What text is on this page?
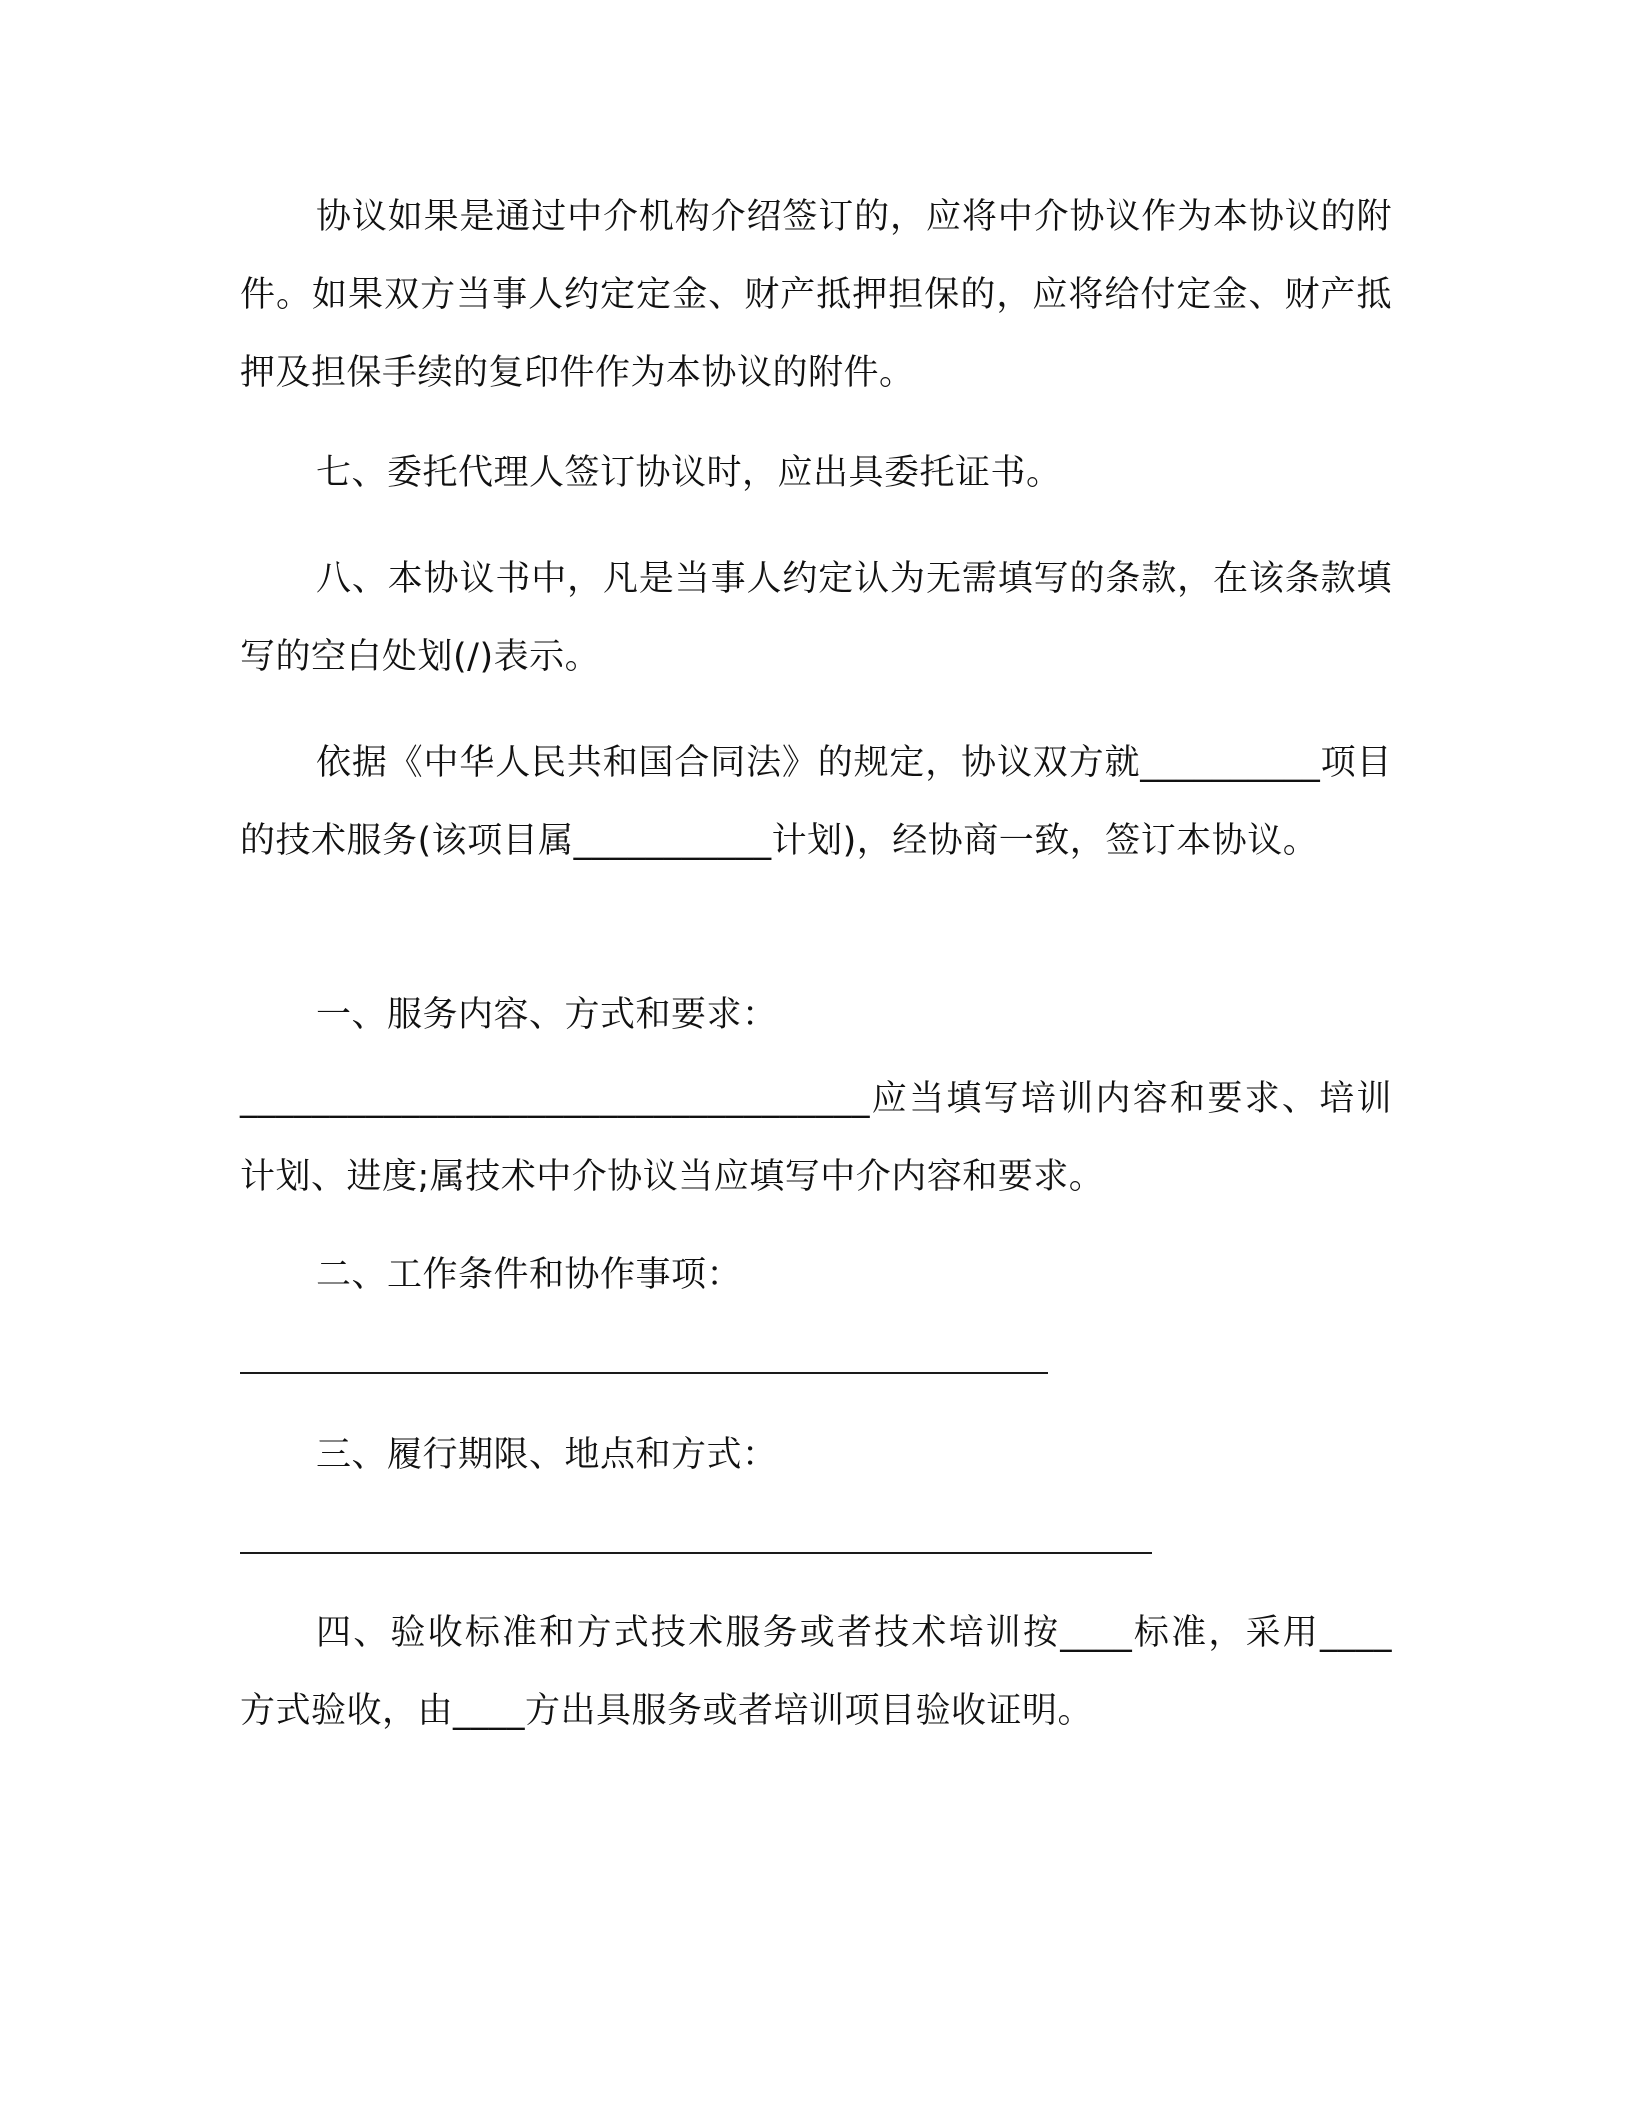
协议如果是通过中介机构介绍签订的，应将中介协议作为本协议的附件。如果双方当事人约定定金、财产抵押担保的，应将给付定金、财产抵押及担保手续的复印件作为本协议的附件。

七、委托代理人签订协议时，应出具委托证书。

八、本协议书中，凡是当事人约定认为无需填写的条款，在该条款填写的空白处划(/)表示。

依据《中华人民共和国合同法》的规定，协议双方就__________项目的技术服务(该项目属___________计划)，经协商一致，签订本协议。

一、服务内容、方式和要求：

___________________________________应当填写培训内容和要求、培训计划、进度;属技术中介协议当应填写中介内容和要求。

二、工作条件和协作事项：

三、履行期限、地点和方式：

四、验收标准和方式技术服务或者技术培训按____标准，采用____ 方式验收，由____方出具服务或者培训项目验收证明。
